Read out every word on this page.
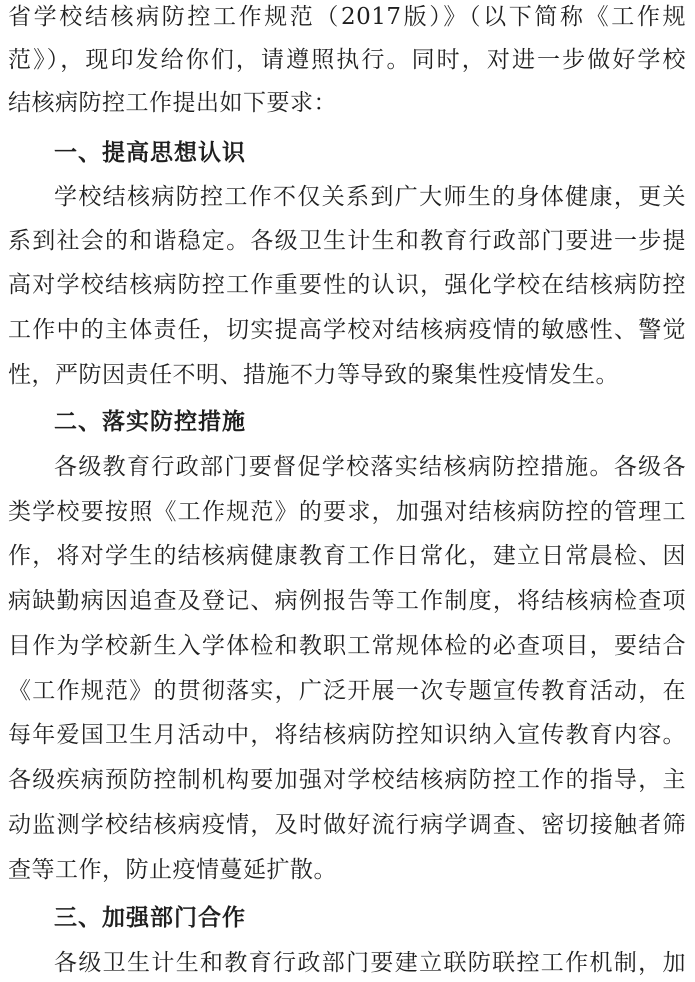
省学校结核病防控工作规范（2017版）》（以下简称《工作规
范》），现印发给你们，请遵照执行。同时，对进一步做好学校
结核病防控工作提出如下要求：
一、提高思想认识
学校结核病防控工作不仅关系到广大师生的身体健康，更关
系到社会的和谐稳定。各级卫生计生和教育行政部门要进一步提
高对学校结核病防控工作重要性的认识，强化学校在结核病防控
工作中的主体责任，切实提高学校对结核病疫情的敏感性、警觉
性，严防因责任不明、措施不力等导致的聚集性疫情发生。
二、落实防控措施
各级教育行政部门要督促学校落实结核病防控措施。各级各
类学校要按照《工作规范》的要求，加强对结核病防控的管理工
作，将对学生的结核病健康教育工作日常化，建立日常晨检、因
病缺勤病因追查及登记、病例报告等工作制度，将结核病检查项
目作为学校新生入学体检和教职工常规体检的必查项目，要结合
《工作规范》的贯彻落实，广泛开展一次专题宣传教育活动，在
每年爱国卫生月活动中，将结核病防控知识纳入宣传教育内容。
各级疾病预防控制机构要加强对学校结核病防控工作的指导，主
动监测学校结核病疫情，及时做好流行病学调查、密切接触者筛
查等工作，防止疫情蔓延扩散。
三、加强部门合作
各级卫生计生和教育行政部门要建立联防联控工作机制，加
